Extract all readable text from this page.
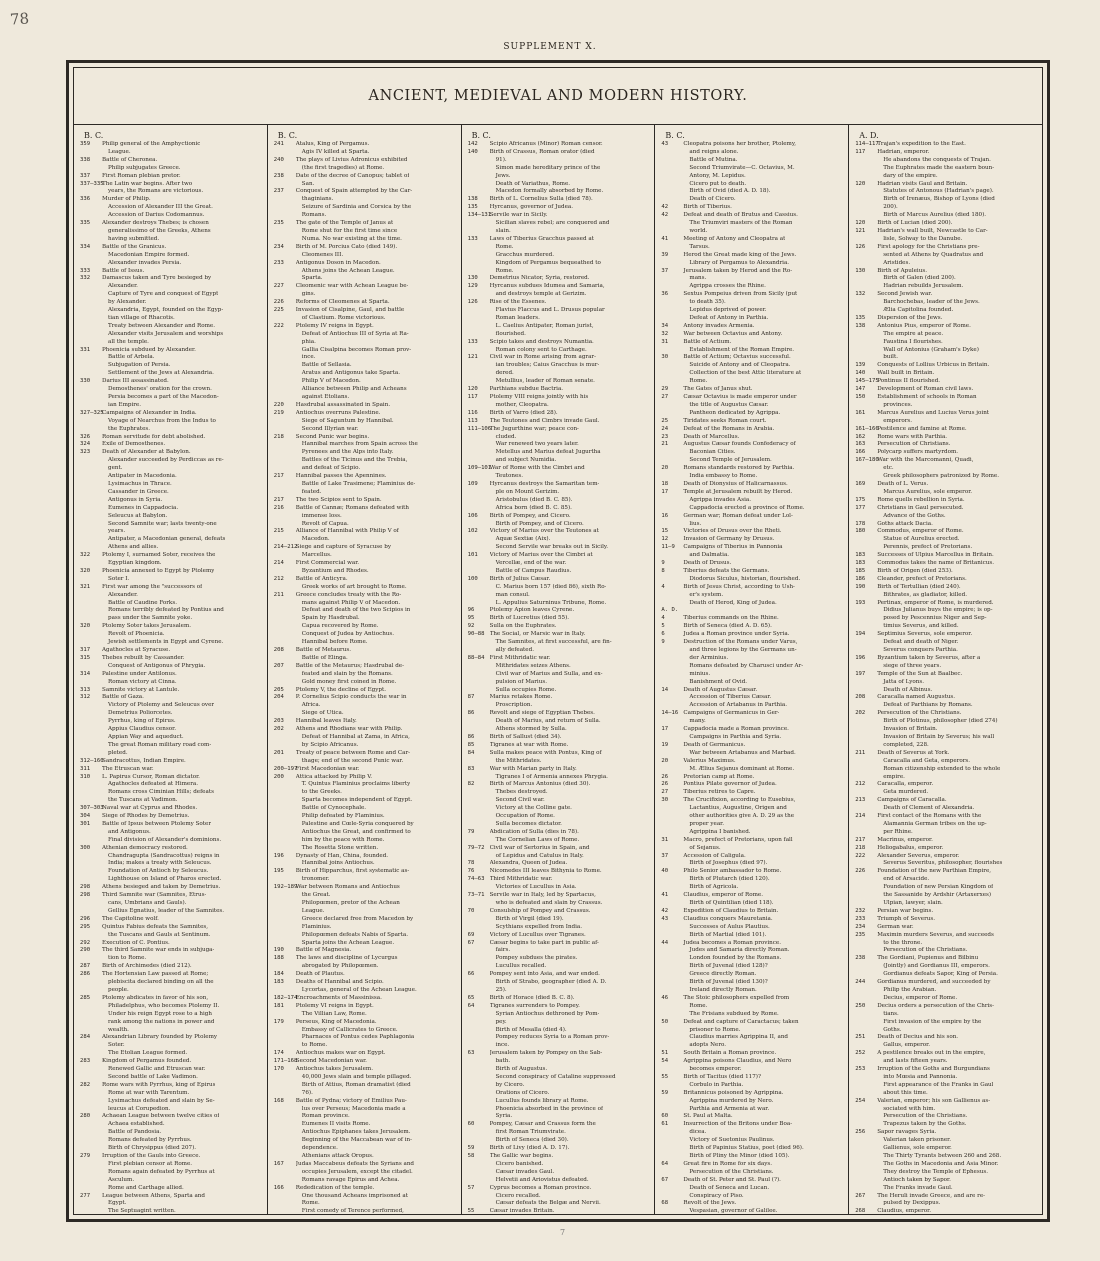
78
SUPPLEMENT X.
ANCIENT, MEDIEVAL AND MODERN HISTORY.
B. C.
359	Philip general of the Amphyctionic
League.
338	Battle of Cheronea.
Philip subjugates Greece.
337	First Roman plebian pretor.
337—335
The Latin war begins. After two
years, the Romans are victorious.
336	Murder of Philip.
Accession of Alexander III the Great.
Accession of Darius Codomannus.
335	Alexander destroys Thebes; is chosen
generalissimo of the Greeks, Athens
having submitted.
334	Battle of the Granicus.
Macedonian Empire formed.
Alexander invades Persia.
333	Battle of Issus.
332	Damascus taken and Tyre besieged by
Alexander.
Capture of Tyre and conquest of Egypt
by Alexander.
Alexandria, Egypt, founded on the Egyp-
tian village of Rhacotis.
Treaty between Alexander and Rome.
Alexander visits Jerusalem and worships
all the temple.
331	Phoenicia subdued by Alexander.
Battle of Arbela.
Subjugation of Persia.
Settlement of the Jews at Alexandria.
330	Darius III assassinated.
Demosthenes' oration for the crown.
Persia becomes a part of the Macedon-
ian Empire.
327—325
Campaigns of Alexander in India.
Voyage of Nearchus from the Indus to
the Euphrates.
326	Roman servitude for debt abolished.
324	Exile of Demosthenes.
323	Death of Alexander at Babylon.
Alexander succeeded by Perdiccas as re-
gent.
Antipater in Macedonia.
Lysimachus in Thrace.
Cassander in Greece.
Antigonus in Syria.
Eumenes in Cappadocia.
Seleucus at Babylon.
Second Samnite war; lasts twenty-one
years.
Antipater, a Macedonian general, defeats
Athens and allies.
322	Ptolemy I, surnamed Soter, receives the
Egyptian kingdom.
320	Phoenicia annexed to Egypt by Ptolemy
Soter I.
321	First war among the "successors of
Alexander.
Battle of Caudine Forks.
Romans terribly defeated by Pontius and
pass under the Samnite yoke.
320	Ptolemy Soter takes Jerusalem.
Revolt of Phoenicia.
Jewish settlements in Egypt and Cyrene.
317	Agathocles at Syracuse.
315	Thebes rebuilt by Cassander.
Conquest of Antigonus of Phrygia.
314	Palestine under Antilonus.
Roman victory at Cinna.
313	Samnite victory at Lantule.
312	Battle of Gaza.
Victory of Ptolemy and Seleucus over
Demetrius Poliorcetes.
Pyrrhus, king of Epirus.
Appius Claudius censor.
Appian Way and aqueduct.
The great Roman military road com-
pleted.
312—160
Sandracottus, Indian Empire.
311	The Etruscan war.
310	L. Papirus Cursor, Roman dictator.
Agathocles defeated at Himera.
Romans cross Ciminian Hills; defeats
the Tuscans at Vadimon.
307—303
Naval war at Cyprus and Rhodes.
304	Siege of Rhodes by Demetrius.
301	Battle of Ipsus between Ptolemy Soter
and Antigonus.
Final division of Alexander's dominions.
300	Athenian democracy restored.
Chandragupta (Sandracottus) reigns in
India; makes a treaty with Seleucus.
Foundation of Antioch by Seleucus.
Lighthouse on Island of Pharos erected.
298	Athens besieged and taken by Demetrius.
298	Third Samnite war (Samnites, Etrus-
cans, Umbrians and Gauls).
Gellius Egnatius, leader of the Samnites.
296	The Capitoline wolf.
295	Quintus Fabius defeats the Samnites,
the Tuscans and Gauls at Sentinum.
292	Execution of C. Pontius.
290	The third Samnite war ends in subjuga-
tion to Rome.
287	Birth of Archimedes (died 212).
286	The Hortensian Law passed at Rome;
plebiscita declared binding on all the
people.
285	Ptolemy abdicates in favor of his son,
Philadelphus, who becomes Ptolemy II.
Under his reign Egypt rose to a high
rank among the nations in power and
wealth.
284	Alexandrian Library founded by Ptolemy
Soter.
The Etolian League formed.
283	Kingdom of Pergamus founded.
Renewed Gallic and Etruscan war.
Second battle of Lake Vadimon.
282	Rome wars with Pyrrhus, king of Epirus
Rome at war with Tarentum.
Lysimachus defeated and slain by Se-
leucus at Corupedion.
280	Achaean League between twelve cities of
Achaea established.
Battle of Pandosia.
Romans defeated by Pyrrhus.
Birth of Chrysippus (died 207).
279	Irruption of the Gauls into Greece.
First plebian censor at Rome.
Romans again defeated by Pyrrhus at
Asculum.
Rome and Carthage allied.
277	League between Athens, Sparta and
Egypt.
The Septuagint written.
B. C.
241	Atalus, King of Pergamus.
Agis IV killed at Sparta.
240	The plays of Livius Adronicus exhibited
(the first tragedies) at Rome.
238	Date of the decree of Canopus; tablet of
San.
237	Conquest of Spain attempted by the Car-
thaginians.
Seizure of Sardinia and Corsica by the
Romans.
235	The gate of the Temple of Janus at
Rome shut for the first time since
Numa. No war existing at the time.
234	Birth of M. Porcius Cato (died 149).
Cleomenes III.
233	Antigonus Doson in Macedon.
Athens joins the Achean League.
Sparta.
227	Cleomenic war with Achean League be-
gins.
226	Reforms of Cleomenes at Sparta.
225	Invasion of Cisalpine, Gaul, and battle
of Clastium. Rome victorious.
222	Ptolemy IV reigns in Egypt.
Defeat of Antiochus III of Syria at Ra-
phia.
Gallia Cisalpina becomes Roman prov-
ince.
Battle of Sellasia.
Aratus and Antigonus take Sparta.
Philip V of Macedon.
Alliance between Philip and Acheans
against Etolians.
220	Hasdrubal assassinated in Spain.
219	Antiochus overruns Palestine.
Siege of Saguntum by Hannibal.
Second Illyrian war.
218	Second Punic war begins.
Hannibal marches from Spain across the
Pyrenees and the Alps into Italy.
Battles of the Ticinus and the Trebia,
and defeat of Scipio.
217	Hannibal passes the Apennines.
Battle of Lake Trasimene; Flaminius de-
feated.
217	The two Scipios sent to Spain.
216	Battle of Cannæ; Romans defeated with
immense loss.
Revolt of Capua.
215	Alliance of Hannibal with Philip V of
Macedon.
214—212
Siege and capture of Syracuse by
Marcellus.
214	First Commercial war.
Byzantium and Rhodes.
212	Battle of Anticyra.
Greek works of art brought to Rome.
211	Greece concludes treaty with the Ro-
mans against Philip V of Macedon.
Defeat and death of the two Scipios in
Spain by Hasdrubal.
Capua recovered by Rome.
Conquest of Judea by Antiochus.
Hannibal before Rome.
208	Battle of Metaurus.
Battle of Elinga.
207	Battle of the Metaurus; Hasdrubal de-
feated and slain by the Romans.
Gold money first coined in Rome.
205	Ptolemy V, the decline of Egypt.
204	P. Cornelius Scipio conducts the war in
Africa.
Siege of Utica.
203	Hannibal leaves Italy.
202	Athens and Rhodians war with Philip.
Defeat of Hannibal at Zama, in Africa,
by Scipio Africanus.
201	Treaty of peace between Rome and Car-
thage; end of the second Punic war.
200—197
First Macedonian war.
200	Attica attacked by Philip V.
T. Quintus Flaminius proclaims liberty
to the Greeks.
Sparta becomes independent of Egypt.
Battle of Cynocephale.
Philip defeated by Flaminius.
Palestine and Cœle-Syria conquered by
Antiochus the Great, and confirmed to
him by the peace with Rome.
The Rosetta Stone written.
196	Dynasty of Han, China, founded.
Hannibal joins Antiochus.
195	Birth of Hipparchus, first systematic as-
tronomer.
192—189
War between Romans and Antiochus
the Great.
Philopœmen, pretor of the Achean
League.
Greece declared free from Macedon by
Flaminius.
Philopœmen defeats Nabis of Sparta.
Sparta joins the Achean League.
190	Battle of Magnesia.
188	The laws and discipline of Lycurgus
abrogated by Philopœmen.
184	Death of Plautus.
183	Deaths of Hannibal and Scipio.
Lycortas, general of the Achean League.
182—174
Encroachments of Massinissa.
181	Ptolemy VI reigns in Egypt.
The Villian Law, Rome.
179	Perseus, King of Macedonia.
Embassy of Callicrates to Greece.
Pharnaces of Pontus cedes Paphlagonia
to Rome.
174	Antiochus makes war on Egypt.
171—168
Second Macedonian war.
170	Antiochus takes Jerusalem.
40,000 Jews slain and temple pillaged.
Birth of Attius, Roman dramatist (died
76).
168	Battle of Pydna; victory of Emilius Pau-
lus over Perseus; Macedonia made a
Roman province.
Eumenes II visits Rome.
Antiochus Epiphanes takes Jerusalem.
Beginning of the Maccabean war of in-
dependence.
Athenians attack Oropus.
167	Judas Maccabeus defeats the Syrians and
occupies Jerusalem, except the citadel.
Romans ravage Epirus and Achea.
166	Rededication of the temple.
One thousand Acheans imprisoned at
Rome.
First comedy of Terence performed,
B. C.
142	Scipio Africanus (Minor) Roman censor.
140	Birth of Crassus, Roman orator (died
91).
Simon made hereditary prince of the
Jews.
Death of Variathus, Rome.
Macedon formally absorbed by Rome.
138	Birth of L. Cornelius Sulla (died 78).
135	Hyrcanus, governor of Judea.
134—131
Servile war in Sicily.
Sicilian slaves rebel; are conquered and
slain.
133	Laws of Tiberius Gracchus passed at
Rome.
Gracchus murdered.
Kingdom of Pergamus bequeathed to
Rome.
130	Demetrius Nicator, Syria, restored.
129	Hyrcanus subdues Idumea and Samaria,
and destroys temple at Gerizim.
126	Rise of the Essenes.
Flavius Flaccus and L. Drusus popular
Roman leaders.
L. Caelius Antipater, Roman jurist,
flourished.
133	Scipio takes and destroys Numantia.
Roman colony sent to Carthage.
121	Civil war in Rome arising from agrar-
ian troubles; Caius Gracchus is mur-
dered.
Metullius, leader of Roman senate.
120	Parthians subdue Bactria.
117	Ptolemy VIII reigns jointly with his
mother, Cleopatra.
116	Birth of Varro (died 28).
113	The Teutones and Cimbrs invade Gaul.
111—106
The Jugurthine war; peace con-
cluded.
War renewed two years later.
Metellus and Marius defeat Jugurtha
and subject Numidia.
109—101
War of Rome with the Cimbri and
Teutones.
109	Hyrcanus destroys the Samaritan tem-
ple on Mount Gerizim.
Aristobulus (died B. C. 85).
Africa born (died B. C. 85).
106	Birth of Pompey, and Cicero.
Birth of Pompey, and of Cicero.
102	Victory of Marius over the Teutones at
Aquæ Sextiæ (Aix).
Second Servile war breaks out in Sicily.
101	Victory of Marius over the Cimbri at
Vercellæ, end of the war.
Battle of Campus Raudius.
100	Birth of Julius Cæsar.
C. Marius born 157 (died 86), sixth Ro-
man consul.
L. Appulius Saturninus Tribune, Rome.
96	Ptolemy Apion leaves Cyrene.
95	Birth of Lucretius (died 55).
92	Sulla on the Euphrates.
90—88 The Social, or Marsic war in Italy.
The Samnites, at first successful, are fin-
ally defeated.
88—84 First Mithridatic war.
Mithridates seizes Athens.
Civil war of Marius and Sulla, and ex-
pulsion of Marius.
Sulla occupies Rome.
87	Marius retakes Rome.
Proscription.
86	Revolt and siege of Egyptian Thebes.
Death of Marius, and return of Sulla.
Athens stormed by Sulla.
86	Birth of Sallust (died 34).
85	Tigranes at war with Rome.
84	Sulla makes peace with Pontus, King of
the Mithridates.
83	War with Marian party in Italy.
Tigranes I of Armenia annexes Phrygia.
82	Birth of Marcus Antonius (died 30).
Thebes destroyed.
Second Civil war.
Victory at the Colline gate.
Occupation of Rome.
Sulla becomes dictator.
79	Abdication of Sulla (dies in 78).
The Cornelian Laws of Rome.
79—72 Civil war of Sertorius in Spain, and
of Lepidus and Catulus in Italy.
78	Alexandra, Queen of Judea.
76	Nicomedes III leaves Bithynia to Rome.
74—63 Third Mithridatic war.
Victories of Lucullus in Asia.
73—71 Servile war in Italy, led by Spartacus,
who is defeated and slain by Crassus.
70	Consulship of Pompey and Crassus.
Birth of Virgil (died 19).
Scythians expelled from India.
69	Victory of Lucullus over Tigranes.
67	Cæsar begins to take part in public af-
fairs.
Pompey subdues the pirates.
Lucullus recalled.
66	Pompey sent into Asia, and war ended.
Birth of Strabo, geographer (died A. D.
25).
65	Birth of Horace (died B. C. 8).
64	Tigranes surrenders to Pompey.
Syrian Antiochus dethroned by Pom-
pey.
Birth of Mesalla (died 4).
Pompey reduces Syria to a Roman prov-
ince.
63	Jerusalem taken by Pompey on the Sab-
bath.
Birth of Augustus.
Second conspiracy of Cataline suppressed
by Cicero.
Orations of Cicero.
Lucullus founds library at Rome.
Phoenicia absorbed in the province of
Syria.
60	Pompey, Cæsar and Crassus form the
first Roman Triumvirate.
Birth of Seneca (died 30).
59	Birth of Livy (died A. D. 17).
58	The Gallic war begins.
Cicero banished.
Cæsar invades Gaul.
Helvetii and Ariovistus defeated.
57	Cyprus becomes a Roman province.
Cicero recalled.
Cæsar defeats the Belgæ and Nervii.
55	Cæsar invades Britain.
B. C.
43	Cleopatra poisons her brother, Ptolemy,
and reigns alone.
Battle of Mutina.
Second Triumvirate—C. Octavius, M.
Antony, M. Lepidus.
Cicero put to death.
Birth of Ovid (died A. D. 18).
Death of Cicero.
42	Birth of Tiberius.
42	Defeat and death of Brutus and Cassius.
The Triumviri masters of the Roman
world.
41	Meeting of Antony and Cleopatra at
Tarsus.
39	Herod the Great made king of the Jews.
Library of Pergamus to Alexandria.
37	Jerusalem taken by Herod and the Ro-
mans.
Agrippa crosses the Rhine.
36	Sextus Pompeius driven from Sicily (put
to death 35).
Lepidus deprived of power.
Defeat of Antony in Parthia.
34	Antony invades Armenia.
32	War between Octavius and Antony.
31	Battle of Actium.
Establishment of the Roman Empire.
30	Battle of Actium; Octavius successful.
Suicide of Antony and of Cleopatra.
Collection of the best Attic literature at
Rome.
29	The Gates of Janus shut.
27	Cæsar Octavius is made emperor under
the title of Augustus Cæsar.
Pantheon dedicated by Agrippa.
25	Tiridates seeks Roman court.
24	Defeat of the Romans in Arabia.
23	Death of Marcellus.
21	Augustus Cæsar founds Confederacy of
Baconian Cities.
Second Temple of Jerusalem.
20	Romans standards restored by Parthia.
India embassy to Rome.
18	Death of Dionysius of Halicarnassus.
17	Temple at Jerusalem rebuilt by Herod.
Agrippa invades Asia.
Cappadocia erected a province of Rome.
16	German war; Roman defeat under Lol-
lius.
15	Victories of Drusus over the Rheti.
12	Invasion of Germany by Drusus.
11—9	Campaigns of Tiberius in Pannonia
and Dalmatia.
9	Death of Drusus.
8	Tiberius defeats the Germans.
Diodorus Siculus, historian, flourished.
4	Birth of Jesus Christ, according to Ush-
er's system.
Death of Herod, King of Judea.
A. D.
4	Tiberius commands on the Rhine.
5	Birth of Seneca (died A. D. 65).
6	Judea a Roman province under Syria.
9	Destruction of the Romans under Varus,
and three legions by the Germans un-
der Arminius.
Romans defeated by Charusci under Ar-
minius.
Banishment of Ovid.
14	Death of Augustus Cæsar.
Accession of Tiberius Cæsar.
Accession of Artabanus in Parthia.
14—16 Campaigns of Germanicus in Ger-
many.
17	Cappadocia made a Roman province.
Campaigns in Parthia and Syria.
19	Death of Germanicus.
War between Artabanus and Marbad.
20	Valerius Maximus.
M. Ælius Sejanus dominant at Rome.
26	Pretorian camp at Rome.
26	Pontius Pilate governor of Judea.
27	Tiberius retires to Capre.
30	The Crucifixion, according to Eusebius,
Lactantius, Augustine, Origen and
other authorities give A. D. 29 as the
proper year.
Agrippina I banished.
31	Macro, prefect of Pretorians, upon fall
of Sejanus.
37	Accession of Caligula.
Birth of Josephus (died 97).
40	Philo Senior ambassador to Rome.
Birth of Plutarch (died 120).
Birth of Agricola.
41	Claudius, emperor of Rome.
Birth of Quintilian (died 118).
42	Expedition of Claudius to Britain.
43	Claudius conquers Mauretania.
Successes of Aulus Plautius.
Birth of Martial (died 101).
44	Judea becomes a Roman province.
Judes and Samaria directly Roman.
London founded by the Romans.
Birth of Juvenal (died 128)?
Greece directly Roman.
Birth of Juvenal (died 130)?
Ireland directly Roman.
46	The Stoic philosophers expelled from
Rome.
The Frisians subdued by Rome.
50	Defeat and capture of Caractacus; taken
prisoner to Rome.
Claudius marries Agrippina II, and
adopts Nero.
51	South Britain a Roman province.
54	Agrippina poisons Claudius, and Nero
becomes emperor.
55	Birth of Tacitus (died 117)?
Corbulo in Parthia.
59	Britannicus poisoned by Agrippina.
Agrippina murdered by Nero.
Parthia and Armenia at war.
60	St. Paul at Malta.
61	Insurrection of the Britons under Boa-
dicea.
Victory of Suetonius Paulinus.
Birth of Papinius Statius, poet (died 96).
Birth of Pliny the Minor (died 105).
64	Great fire in Rome for six days.
Persecution of the Christians.
67	Death of St. Peter and St. Paul (?).
Death of Seneca and Lucan.
Conspiracy of Piso.
68	Revolt of the Jews.
Vespasian, governor of Galilee.
A. D.
114—117
Trajan's expedition to the East.
117	Hadrian, emperor.
He abandons the conquests of Trajan.
The Euphrates made the eastern boun-
dary of the empire.
120	Hadrian visits Gaul and Britain.
Statutes of Antonous (Hadrian's page).
Birth of Irenæus, Bishop of Lyons (died
200).
Birth of Marcus Aurelius (died 180).
120	Birth of Lucian (died 200).
121	Hadrian's wall built, Newcastle to Car-
lisle, Solway to the Danube.
126	First apology for the Christians pre-
sented at Athens by Quadratus and
Aristides.
130	Birth of Apuleius.
Birth of Galen (died 200).
Hadrian rebuilds Jerusalem.
132	Second Jewish war.
Barchochebas, leader of the Jews.
Ælia Capitolina founded.
135	Dispersion of the Jews.
138	Antonius Pius, emperor of Rome.
The empire at peace.
Faustina I flourishes.
Wall of Antonius (Graham's Dyke)
built.
139	Conquests of Lollius Urbicus in Britain.
140	Wall built in Britain.
145—175
Pontinus II flourished.
147	Development of Roman civil laws.
150	Establishment of schools in Roman
provinces.
161	Marcus Aurelius and Lucius Verus joint
emperors.
161—166
Pestilence and famine at Rome.
162	Rome wars with Parthia.
163	Persecution of Christians.
166	Polycarp suffers martyrdom.
167—180
War with the Marcomanni, Quadi,
etc.
Greek philosophers patronized by Rome.
169	Death of L. Verus.
Marcus Aurelius, sole emperor.
175	Rome quells rebellion in Syria.
177	Christians in Gaul persecuted.
Advance of the Goths.
178	Goths attack Dacia.
180	Commodus, emperor of Rome.
Statue of Aurelius erected.
Perennis, prefect of Pretorians.
183	Successes of Ulpius Marcellus in Britain.
183	Commodus takes the name of Britanicus.
185	Birth of Origen (died 253).
186	Cleander, prefect of Pretorians.
190	Birth of Tertullian (died 240).
Bithrates, as gladiator, killed.
193	Pertinax, emperor of Rome, is murdered.
Didius Julianus buys the empire; is op-
posed by Pescennius Niger and Sep-
timius Severus, and killed.
194	Septimius Severus, sole emperor.
Defeat and death of Niger.
Severus conquers Parthia.
196	Byzantium taken by Severus, after a
siege of three years.
197	Temple of the Sun at Baalbec.
Jatta of Lyons.
Death of Albinus.
208	Caracalla named Augustus.
Defeat of Parthians by Romans.
202	Persecution of the Christians.
Birth of Plotinus, philosopher (died 274)
Invasion of Britain.
Invasion of Britain by Severus; his wall
completed, 228.
211	Death of Severus at York.
Caracalla and Geta, emperors.
Roman citizenship extended to the whole
empire.
212	Caracalla, emperor.
Geta murdered.
213	Campaigns of Caracalla.
Death of Clement of Alexandria.
214	First contact of the Romans with the
Alamannia German tribes on the up-
per Rhine.
217	Macrinus, emperor.
218	Heliogabalus, emperor.
222	Alexander Severus, emperor.
Severus Severitus, philosopher, flourishes
226	Foundation of the new Parthian Empire,
end of Arsacide.
Foundation of new Persian Kingdom of
the Sassanide by Ardshir (Artaxerxes)
Ulpian, lawyer, slain.
232	Persian war begins.
233	Triumph of Severus.
234	German war.
235	Maximin murders Severus, and succeeds
to the throne.
Persecution of the Christians.
238	The Gordiani, Pupienus and Bilbinu
(Jointly) and Gordianus III, emperors.
Gordianus defeats Sapor, King of Persia.
244	Gordianus murdered, and succeeded by
Philip the Arabian.
Decius, emperor of Rome.
250	Decius orders a persecution of the Chris-
tians.
First invasion of the empire by the
Goths.
251	Death of Decius and his son.
Gallus, emperor.
252	A pestilence breaks out in the empire,
and lasts fifteen years.
253	Irruption of the Goths and Burgundians
into Mœsia and Pannonia.
First appearance of the Franks in Gaul
about this time.
254	Valerian, emperor; his son Gallienus as-
sociated with him.
Persecution of the Christians.
Trapezus taken by the Goths.
256	Sapor ravages Syria.
Valerian taken prisoner.
Gallienus, sole emperor.
The Thirty Tyrants between 260 and 268.
The Goths in Macedonia and Asia Minor.
They destroy the Temple of Ephesus.
Antioch taken by Sapor.
The Franks invade Gaul.
267	The Heruli invade Greece, and are re-
pulsed by Dexippus.
268	Claudius, emperor.
7
